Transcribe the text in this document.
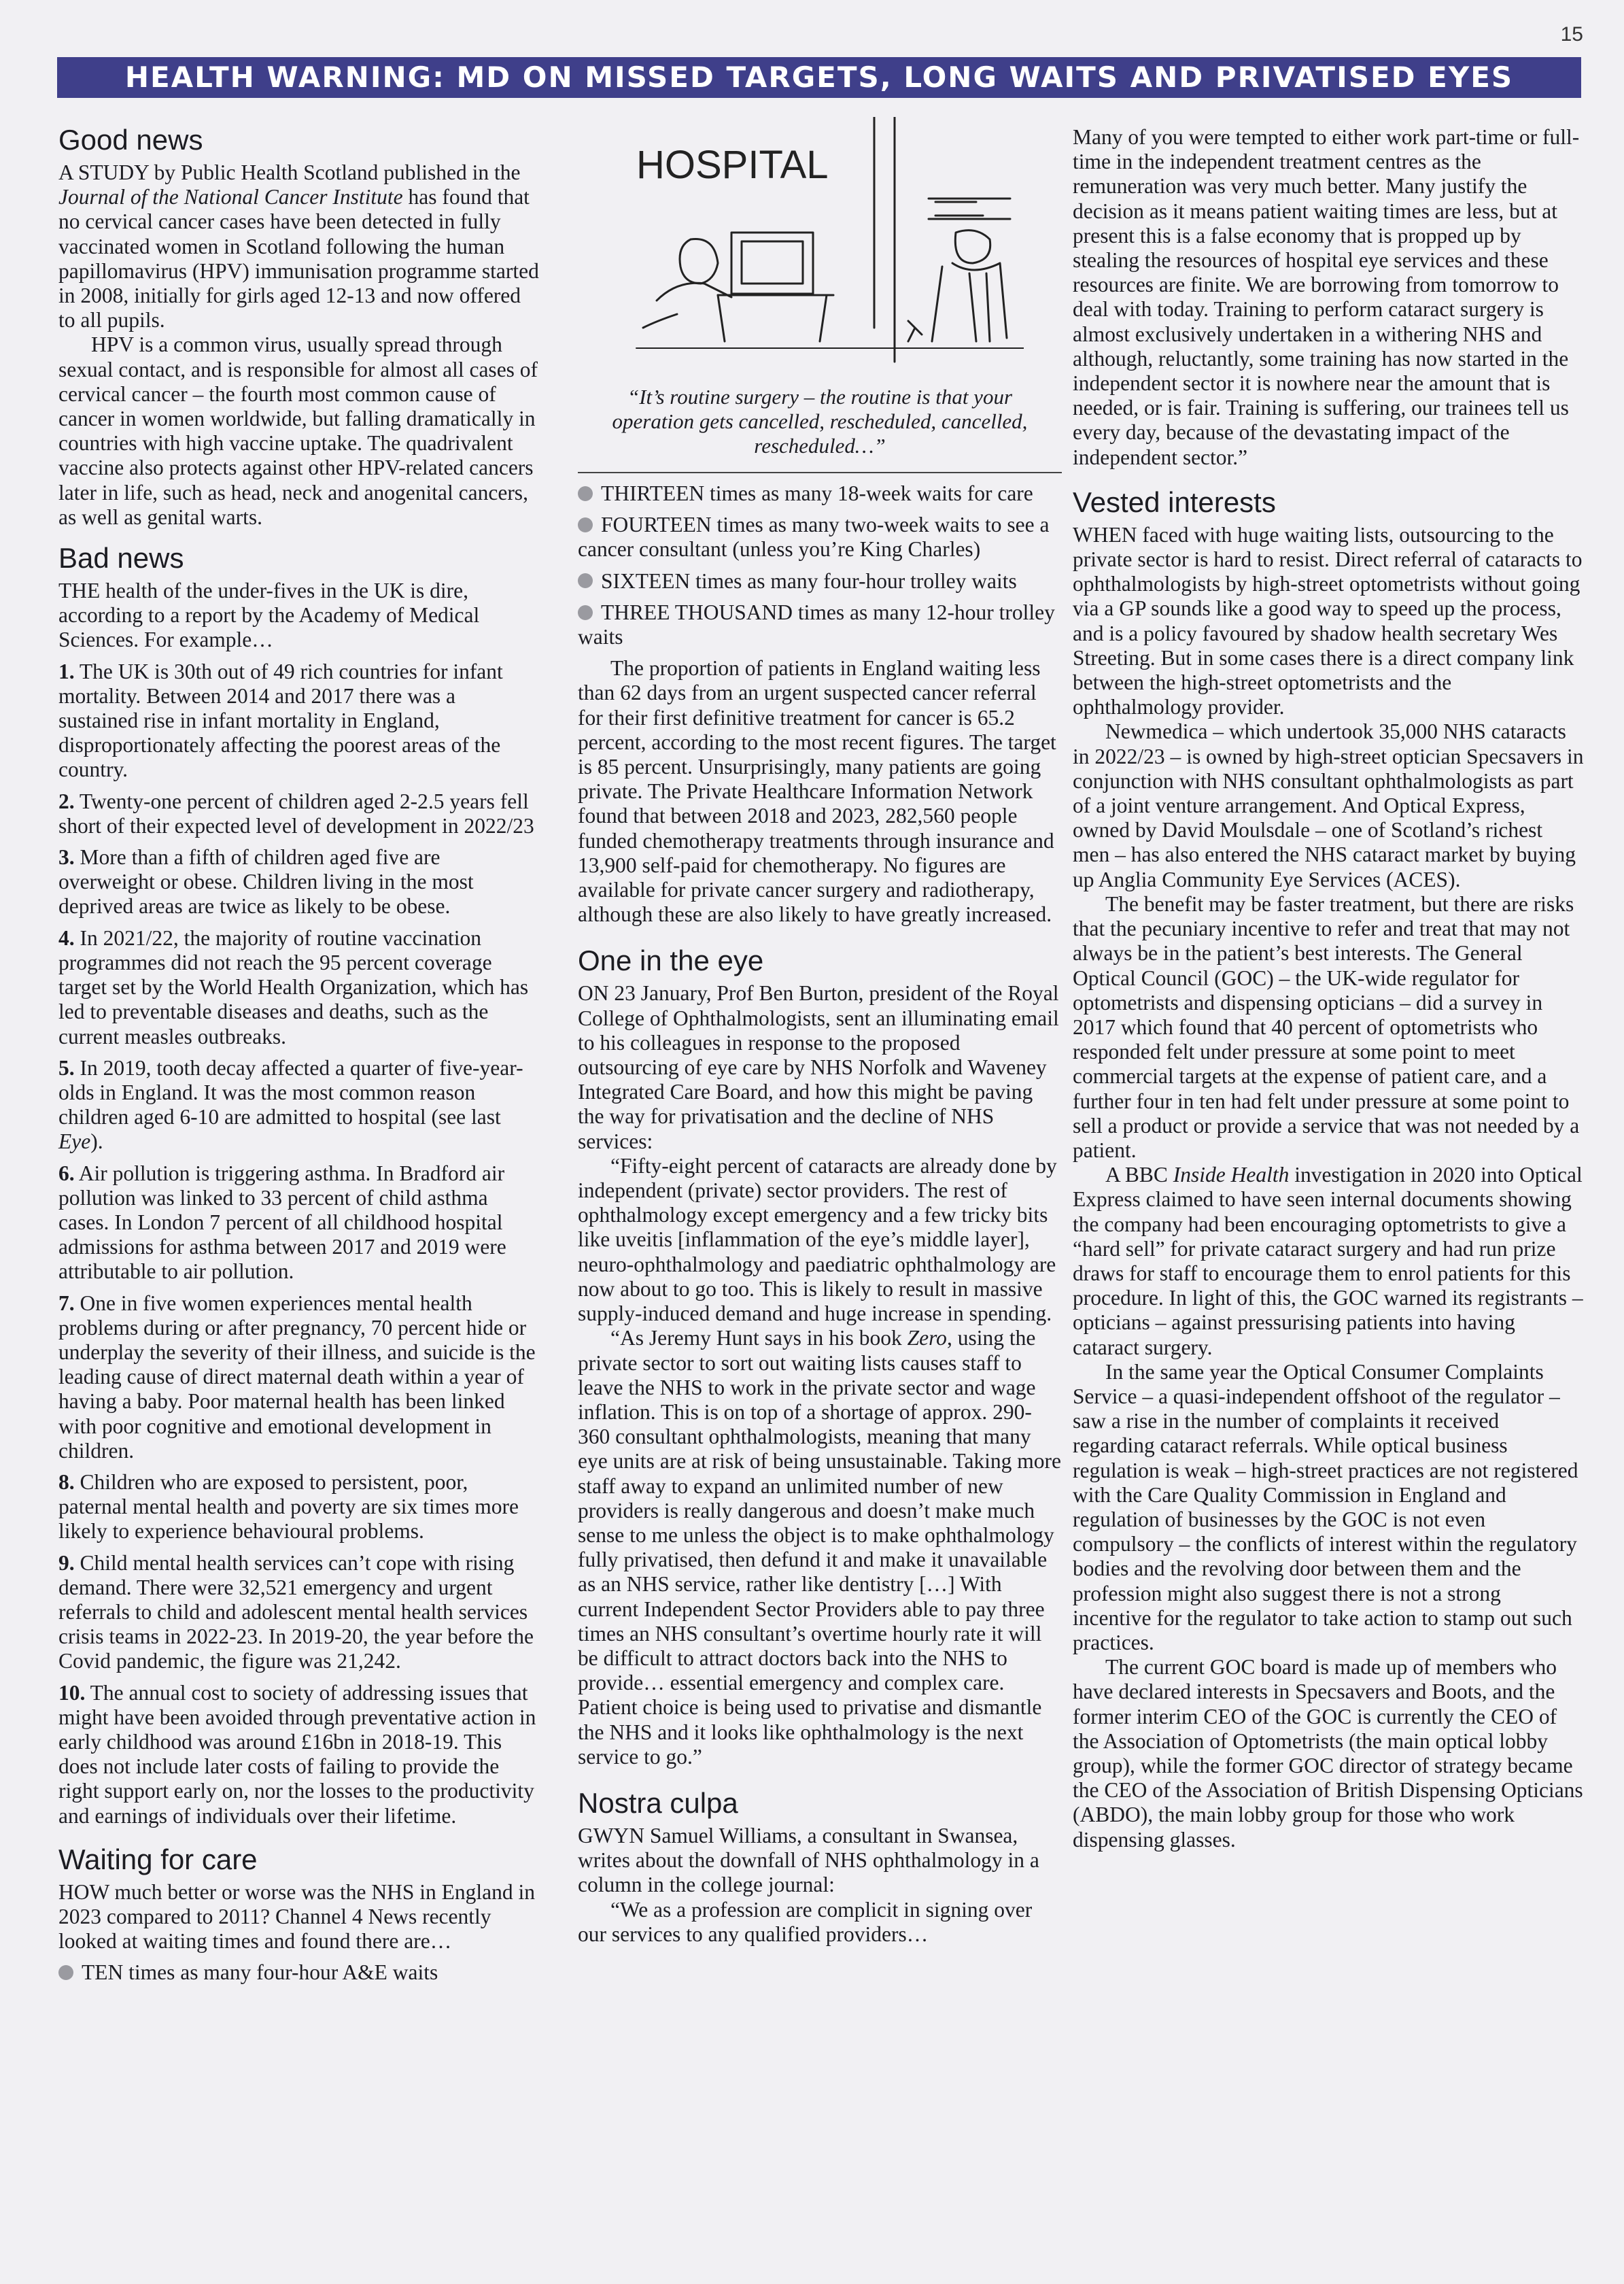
15
HEALTH WARNING: MD ON MISSED TARGETS, LONG WAITS AND PRIVATISED EYES
Good news

A STUDY by Public Health Scotland published in the Journal of the National Cancer Institute has found that no cervical cancer cases have been detected in fully vaccinated women in Scotland following the human papillomavirus (HPV) immunisation programme started in 2008, initially for girls aged 12-13 and now offered to all pupils.

HPV is a common virus, usually spread through sexual contact, and is responsible for almost all cases of cervical cancer – the fourth most common cause of cancer in women worldwide, but falling dramatically in countries with high vaccine uptake. The quadrivalent vaccine also protects against other HPV-related cancers later in life, such as head, neck and anogenital cancers, as well as genital warts.

Bad news

THE health of the under-fives in the UK is dire, according to a report by the Academy of Medical Sciences. For example…

1. The UK is 30th out of 49 rich countries for infant mortality. Between 2014 and 2017 there was a sustained rise in infant mortality in England, disproportionately affecting the poorest areas of the country.

2. Twenty-one percent of children aged 2-2.5 years fell short of their expected level of development in 2022/23

3. More than a fifth of children aged five are overweight or obese. Children living in the most deprived areas are twice as likely to be obese.

4. In 2021/22, the majority of routine vaccination programmes did not reach the 95 percent coverage target set by the World Health Organization, which has led to preventable diseases and deaths, such as the current measles outbreaks.

5. In 2019, tooth decay affected a quarter of five-year-olds in England. It was the most common reason children aged 6-10 are admitted to hospital (see last Eye).

6. Air pollution is triggering asthma. In Bradford air pollution was linked to 33 percent of child asthma cases. In London 7 percent of all childhood hospital admissions for asthma between 2017 and 2019 were attributable to air pollution.

7. One in five women experiences mental health problems during or after pregnancy, 70 percent hide or underplay the severity of their illness, and suicide is the leading cause of direct maternal death within a year of having a baby. Poor maternal health has been linked with poor cognitive and emotional development in children.

8. Children who are exposed to persistent, poor, paternal mental health and poverty are six times more likely to experience behavioural problems.

9. Child mental health services can’t cope with rising demand. There were 32,521 emergency and urgent referrals to child and adolescent mental health services crisis teams in 2022-23. In 2019-20, the year before the Covid pandemic, the figure was 21,242.

10. The annual cost to society of addressing issues that might have been avoided through preventative action in early childhood was around £16bn in 2018-19. This does not include later costs of failing to provide the right support early on, nor the losses to the productivity and earnings of individuals over their lifetime.

Waiting for care

HOW much better or worse was the NHS in England in 2023 compared to 2011? Channel 4 News recently looked at waiting times and found there are…

TEN times as many four-hour A&E waits

HOSPITAL

“It’s routine surgery – the routine is that your operation gets cancelled, rescheduled, cancelled, rescheduled…”

THIRTEEN times as many 18-week waits for care

FOURTEEN times as many two-week waits to see a cancer consultant (unless you’re King Charles)

SIXTEEN times as many four-hour trolley waits

THREE THOUSAND times as many 12-hour trolley waits

The proportion of patients in England waiting less than 62 days from an urgent suspected cancer referral for their first definitive treatment for cancer is 65.2 percent, according to the most recent figures. The target is 85 percent. Unsurprisingly, many patients are going private. The Private Healthcare Information Network found that between 2018 and 2023, 282,560 people funded chemotherapy treatments through insurance and 13,900 self-paid for chemotherapy. No figures are available for private cancer surgery and radiotherapy, although these are also likely to have greatly increased.

One in the eye

ON 23 January, Prof Ben Burton, president of the Royal College of Ophthalmologists, sent an illuminating email to his colleagues in response to the proposed outsourcing of eye care by NHS Norfolk and Waveney Integrated Care Board, and how this might be paving the way for privatisation and the decline of NHS services:

“Fifty-eight percent of cataracts are already done by independent (private) sector providers. The rest of ophthalmology except emergency and a few tricky bits like uveitis [inflammation of the eye’s middle layer], neuro-ophthalmology and paediatric ophthalmology are now about to go too. This is likely to result in massive supply-induced demand and huge increase in spending.

“As Jeremy Hunt says in his book Zero, using the private sector to sort out waiting lists causes staff to leave the NHS to work in the private sector and wage inflation. This is on top of a shortage of approx. 290-360 consultant ophthalmologists, meaning that many eye units are at risk of being unsustainable. Taking more staff away to expand an unlimited number of new providers is really dangerous and doesn’t make much sense to me unless the object is to make ophthalmology fully privatised, then defund it and make it unavailable as an NHS service, rather like dentistry […] With current Independent Sector Providers able to pay three times an NHS consultant’s overtime hourly rate it will be difficult to attract doctors back into the NHS to provide… essential emergency and complex care. Patient choice is being used to privatise and dismantle the NHS and it looks like ophthalmology is the next service to go.”

Nostra culpa

GWYN Samuel Williams, a consultant in Swansea, writes about the downfall of NHS ophthalmology in a column in the college journal:

“We as a profession are complicit in signing over our services to any qualified providers…

Many of you were tempted to either work part-time or full-time in the independent treatment centres as the remuneration was very much better. Many justify the decision as it means patient waiting times are less, but at present this is a false economy that is propped up by stealing the resources of hospital eye services and these resources are finite. We are borrowing from tomorrow to deal with today. Training to perform cataract surgery is almost exclusively undertaken in a withering NHS and although, reluctantly, some training has now started in the independent sector it is nowhere near the amount that is needed, or is fair. Training is suffering, our trainees tell us every day, because of the devastating impact of the independent sector.”

Vested interests

WHEN faced with huge waiting lists, outsourcing to the private sector is hard to resist. Direct referral of cataracts to ophthalmologists by high-street optometrists without going via a GP sounds like a good way to speed up the process, and is a policy favoured by shadow health secretary Wes Streeting. But in some cases there is a direct company link between the high-street optometrists and the ophthalmology provider.

Newmedica – which undertook 35,000 NHS cataracts in 2022/23 – is owned by high-street optician Specsavers in conjunction with NHS consultant ophthalmologists as part of a joint venture arrangement. And Optical Express, owned by David Moulsdale – one of Scotland’s richest men – has also entered the NHS cataract market by buying up Anglia Community Eye Services (ACES).

The benefit may be faster treatment, but there are risks that the pecuniary incentive to refer and treat that may not always be in the patient’s best interests. The General Optical Council (GOC) – the UK-wide regulator for optometrists and dispensing opticians – did a survey in 2017 which found that 40 percent of optometrists who responded felt under pressure at some point to meet commercial targets at the expense of patient care, and a further four in ten had felt under pressure at some point to sell a product or provide a service that was not needed by a patient.

A BBC Inside Health investigation in 2020 into Optical Express claimed to have seen internal documents showing the company had been encouraging optometrists to give a “hard sell” for private cataract surgery and had run prize draws for staff to encourage them to enrol patients for this procedure. In light of this, the GOC warned its registrants – opticians – against pressurising patients into having cataract surgery.

In the same year the Optical Consumer Complaints Service – a quasi-independent offshoot of the regulator – saw a rise in the number of complaints it received regarding cataract referrals. While optical business regulation is weak – high-street practices are not registered with the Care Quality Commission in England and regulation of businesses by the GOC is not even compulsory – the conflicts of interest within the regulatory bodies and the revolving door between them and the profession might also suggest there is not a strong incentive for the regulator to take action to stamp out such practices.

The current GOC board is made up of members who have declared interests in Specsavers and Boots, and the former interim CEO of the GOC is currently the CEO of the Association of Optometrists (the main optical lobby group), while the former GOC director of strategy became the CEO of the Association of British Dispensing Opticians (ABDO), the main lobby group for those who work dispensing glasses.
